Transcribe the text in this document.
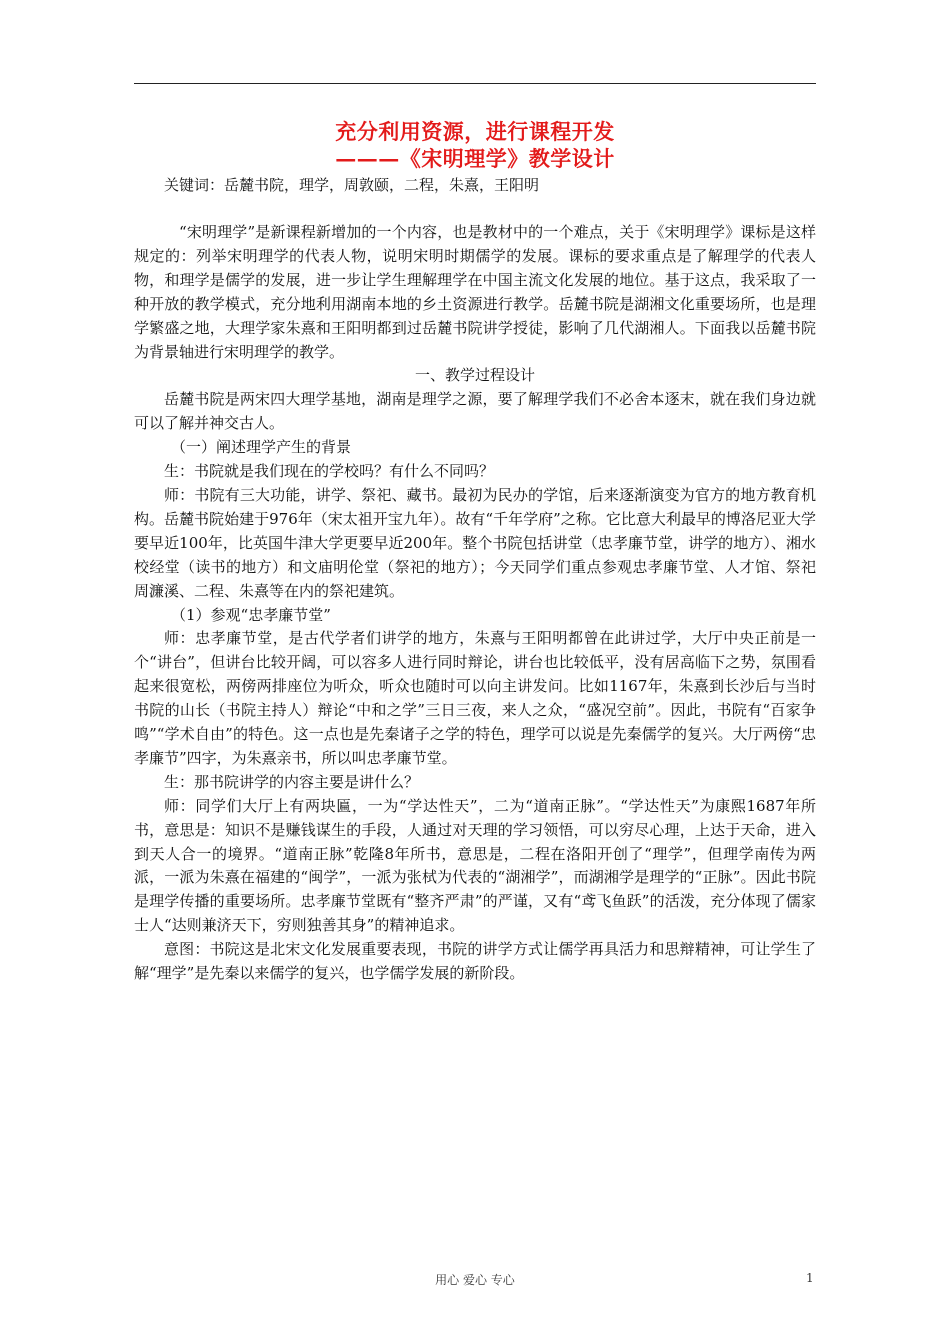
充分利用资源，进行课程开发
———《宋明理学》教学设计

关键词：岳麓书院，理学，周敦颐，二程，朱熹，王阳明

“宋明理学”是新课程新增加的一个内容，也是教材中的一个难点，关于《宋明理学》课标是这样规定的：列举宋明理学的代表人物，说明宋明时期儒学的发展。课标的要求重点是了解理学的代表人物，和理学是儒学的发展，进一步让学生理解理学在中国主流文化发展的地位。基于这点，我采取了一种开放的教学模式，充分地利用湖南本地的乡土资源进行教学。岳麓书院是湖湘文化重要场所，也是理学繁盛之地，大理学家朱熹和王阳明都到过岳麓书院讲学授徒，影响了几代湖湘人。下面我以岳麓书院为背景轴进行宋明理学的教学。

一、教学过程设计

岳麓书院是两宋四大理学基地，湖南是理学之源，要了解理学我们不必舍本逐末，就在我们身边就可以了解并神交古人。

（一）阐述理学产生的背景

生：书院就是我们现在的学校吗？有什么不同吗？

师：书院有三大功能，讲学、祭祀、藏书。最初为民办的学馆，后来逐渐演变为官方的地方教育机构。岳麓书院始建于976年（宋太祖开宝九年）。故有“千年学府”之称。它比意大利最早的博洛尼亚大学要早近100年，比英国牛津大学更要早近200年。整个书院包括讲堂（忠孝廉节堂，讲学的地方）、湘水校经堂（读书的地方）和文庙明伦堂（祭祀的地方）；今天同学们重点参观忠孝廉节堂、人才馆、祭祀周濂溪、二程、朱熹等在内的祭祀建筑。

（1）参观“忠孝廉节堂”

师：忠孝廉节堂，是古代学者们讲学的地方，朱熹与王阳明都曾在此讲过学，大厅中央正前是一个“讲台”，但讲台比较开阔，可以容多人进行同时辩论，讲台也比较低平，没有居高临下之势，氛围看起来很宽松，两傍两排座位为听众，听众也随时可以向主讲发问。比如1167年，朱熹到长沙后与当时书院的山长（书院主持人）辩论“中和之学”三日三夜，来人之众，“盛况空前”。因此，书院有“百家争鸣”“学术自由”的特色。这一点也是先秦诸子之学的特色，理学可以说是先秦儒学的复兴。大厅两傍“忠孝廉节”四字，为朱熹亲书，所以叫忠孝廉节堂。

生：那书院讲学的内容主要是讲什么？

师：同学们大厅上有两块匾，一为“学达性天”，二为“道南正脉”。“学达性天”为康熙1687年所书，意思是：知识不是赚钱谋生的手段，人通过对天理的学习领悟，可以穷尽心理，上达于天命，进入到天人合一的境界。“道南正脉”乾隆8年所书，意思是，二程在洛阳开创了“理学”，但理学南传为两派，一派为朱熹在福建的“闽学”，一派为张栻为代表的“湖湘学”，而湖湘学是理学的“正脉”。因此书院是理学传播的重要场所。忠孝廉节堂既有“整齐严肃”的严谨，又有“鸢飞鱼跃”的活泼，充分体现了儒家士人“达则兼济天下，穷则独善其身”的精神追求。

意图：书院这是北宋文化发展重要表现，书院的讲学方式让儒学再具活力和思辩精神，可让学生了解“理学”是先秦以来儒学的复兴，也学儒学发展的新阶段。

用心 爱心 专心	1
